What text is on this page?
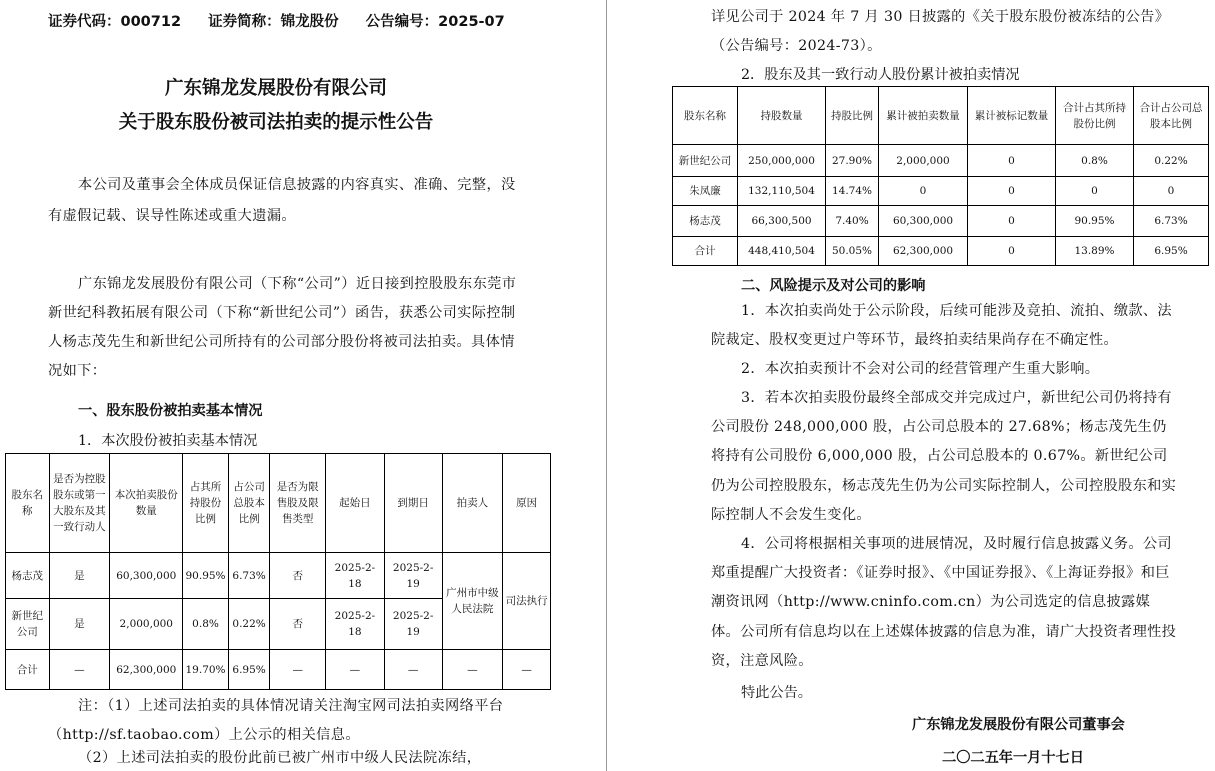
证券代码：000712 证券简称：锦龙股份 公告编号：2025-07
广东锦龙发展股份有限公司
关于股东股份被司法拍卖的提示性公告

本公司及董事会全体成员保证信息披露的内容真实、准确、完整，没有虚假记载、误导性陈述或重大遗漏。

广东锦龙发展股份有限公司（下称“公司”）近日接到控股股东东莞市新世纪科教拓展有限公司（下称“新世纪公司”）函告，获悉公司实际控制人杨志茂先生和新世纪公司所持有的公司部分股份将被司法拍卖。具体情况如下：

一、股东股份被拍卖基本情况
1．本次股份被拍卖基本情况
股东名称	是否为控股股东或第一大股东及其一致行动人	本次拍卖股份数量	占其所持股份比例	占公司总股本比例	是否为限售股及限售类型	起始日	到期日	拍卖人	原因
杨志茂	是	60,300,000	90.95%	6.73%	否	2025-2-18	2025-2-19	广州市中级人民法院	司法执行
新世纪公司	是	2,000,000	0.8%	0.22%	否	2025-2-18	2025-2-19		
合计	—	62,300,000	19.70%	6.95%	—	—	—	—	—

注：（1）上述司法拍卖的具体情况请关注淘宝网司法拍卖网络平台（http://sf.taobao.com）上公示的相关信息。

（2）上述司法拍卖的股份此前已被广州市中级人民法院冻结，

详见公司于 2024 年 7 月 30 日披露的《关于股东股份被冻结的公告》（公告编号：2024-73）。

2．股东及其一致行动人股份累计被拍卖情况
股东名称	持股数量	持股比例	累计被拍卖数量	累计被标记数量	合计占其所持股份比例	合计占公司总股本比例
新世纪公司	250,000,000	27.90%	2,000,000	0	0.8%	0.22%
朱凤廉	132,110,504	14.74%	0	0	0	0
杨志茂	66,300,500	7.40%	60,300,000	0	90.95%	6.73%
合计	448,410,504	50.05%	62,300,000	0	13.89%	6.95%
二、风险提示及对公司的影响

1．本次拍卖尚处于公示阶段，后续可能涉及竞拍、流拍、缴款、法院裁定、股权变更过户等环节，最终拍卖结果尚存在不确定性。

2．本次拍卖预计不会对公司的经营管理产生重大影响。

3．若本次拍卖股份最终全部成交并完成过户，新世纪公司仍将持有公司股份 248,000,000 股，占公司总股本的 27.68%；杨志茂先生仍将持有公司股份 6,000,000 股，占公司总股本的 0.67%。新世纪公司仍为公司控股股东，杨志茂先生仍为公司实际控制人，公司控股股东和实际控制人不会发生变化。

4．公司将根据相关事项的进展情况，及时履行信息披露义务。公司郑重提醒广大投资者：《证券时报》、《中国证券报》、《上海证券报》和巨潮资讯网（http://www.cninfo.com.cn）为公司选定的信息披露媒体。公司所有信息均以在上述媒体披露的信息为准，请广大投资者理性投资，注意风险。

特此公告。
广东锦龙发展股份有限公司董事会
二〇二五年一月十七日
